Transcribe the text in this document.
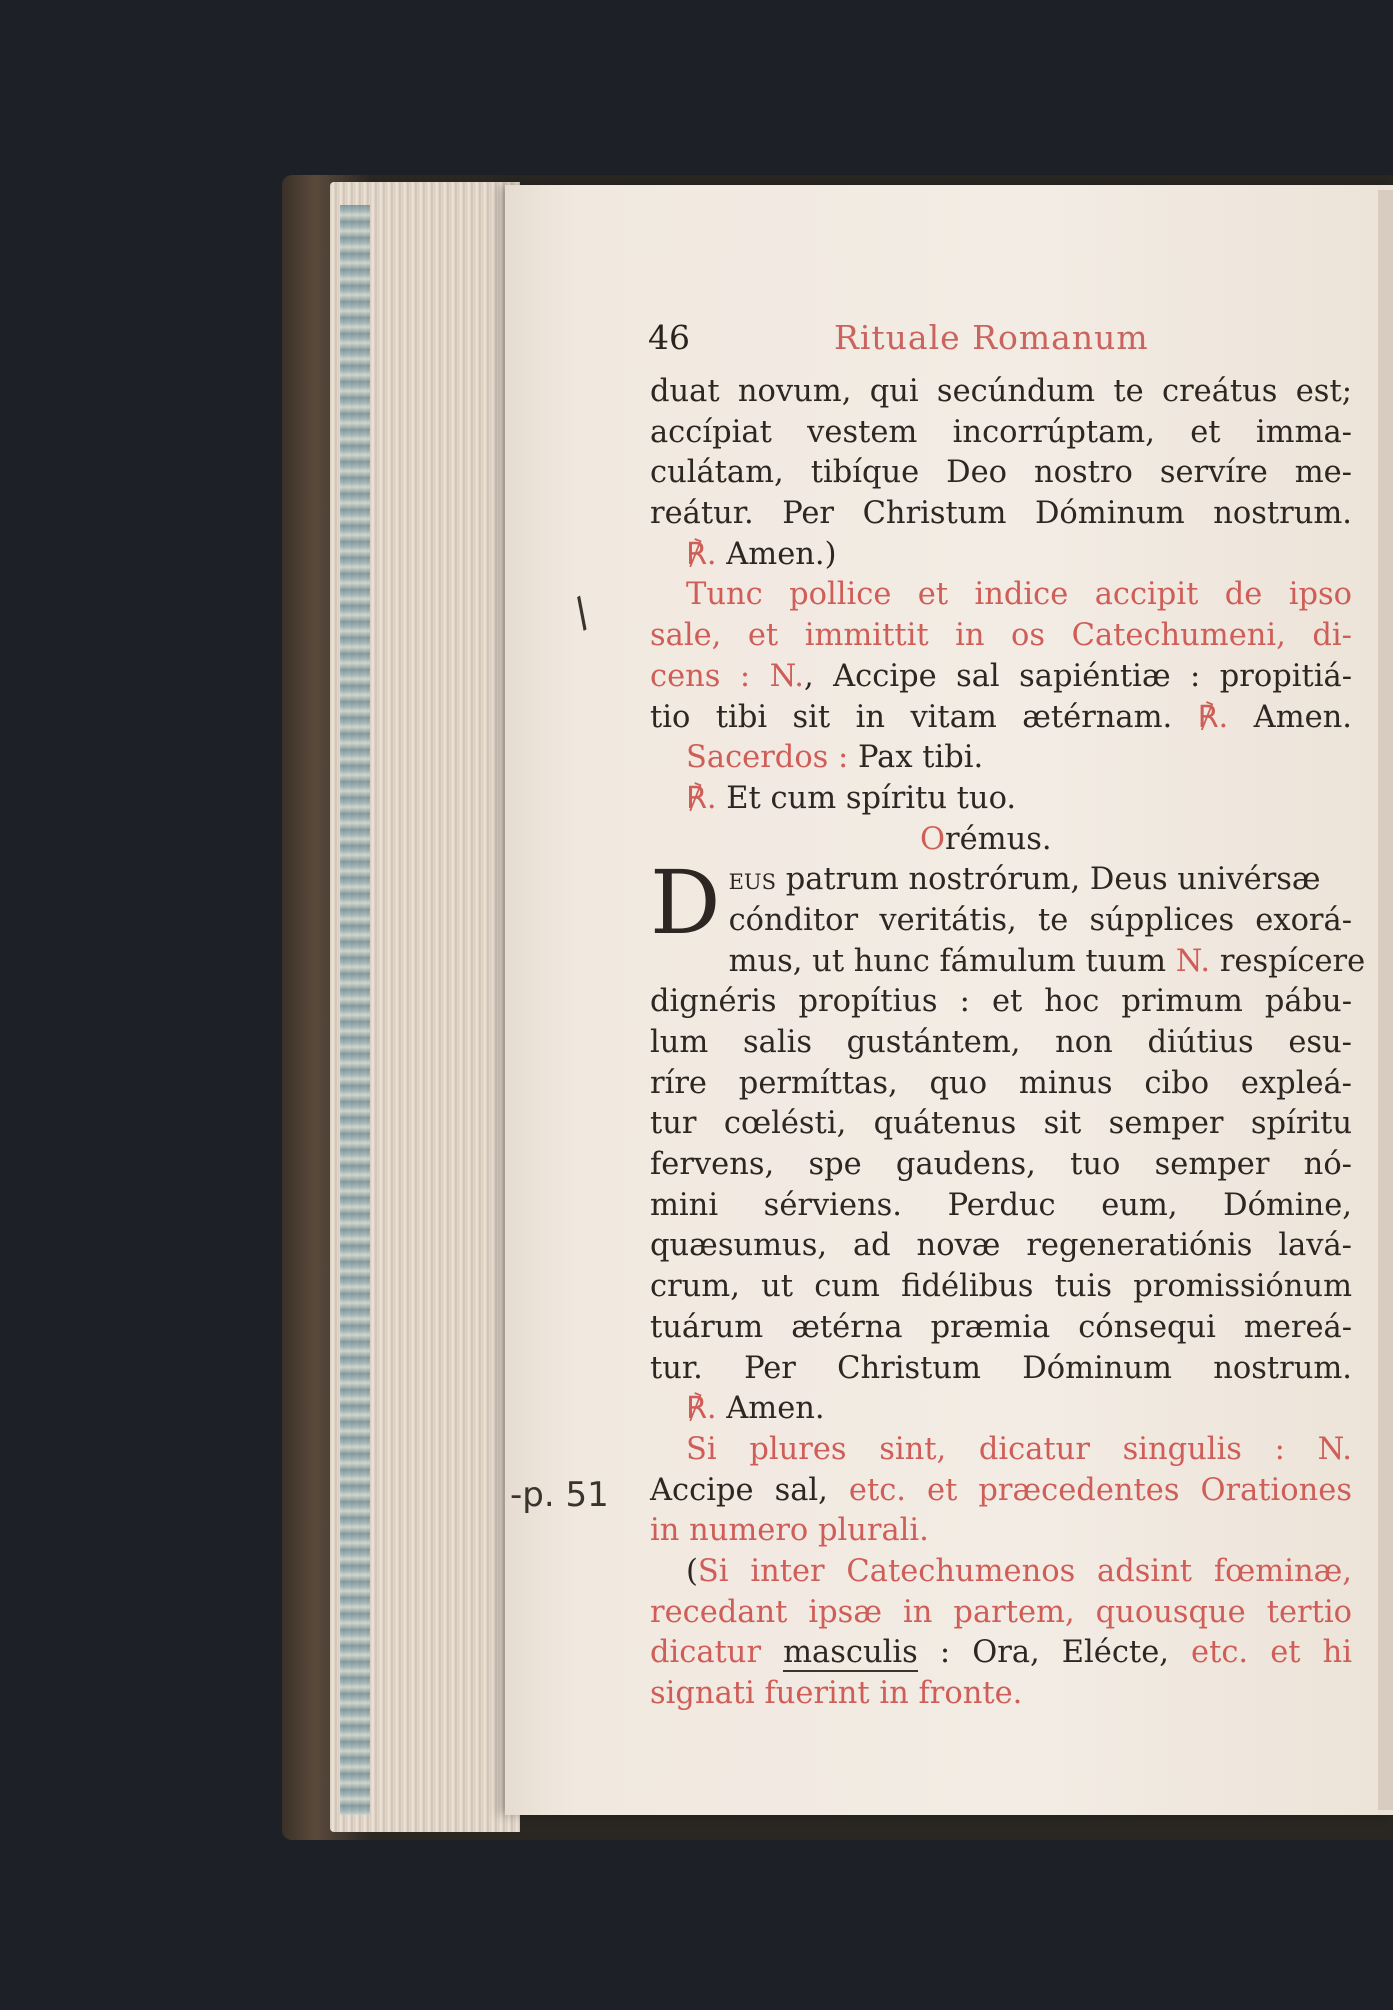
46	Rituale Romanum
duat novum, qui secúndum te creátus est;
accípiat vestem incorrúptam, et imma-
culátam, tibíque Deo nostro servíre me-
reátur. Per Christum Dóminum nostrum.
℟. Amen.)
Tunc pollice et indice accipit de ipso
sale, et immittit in os Catechumeni, di-
cens : N., Accipe sal sapiéntiæ : propitiá-
tio tibi sit in vitam ætérnam. ℟. Amen.
Sacerdos : Pax tibi.
℟. Et cum spíritu tuo.
Orémus.
Deus patrum nostrórum, Deus univérsæ
cónditor veritátis, te súpplices exorá-
mus, ut hunc fámulum tuum N. respícere
dignéris propítius : et hoc primum pábu-
lum salis gustántem, non diútius esu-
ríre permíttas, quo minus cibo expleá-
tur cœlésti, quátenus sit semper spíritu
fervens, spe gaudens, tuo semper nó-
mini sérviens. Perduc eum, Dómine,
quæsumus, ad novæ regeneratiónis lavá-
crum, ut cum fidélibus tuis promissiónum
tuárum ætérna præmia cónsequi mereá-
tur. Per Christum Dóminum nostrum.
℟. Amen.
Si plures sint, dicatur singulis : N.
Accipe sal, etc. et præcedentes Orationes
in numero plurali.
(Si inter Catechumenos adsint fœminæ,
recedant ipsæ in partem, quousque tertio
dicatur masculis : Ora, Elécte, etc. et hi
signati fuerint in fronte.
/
-p. 51
